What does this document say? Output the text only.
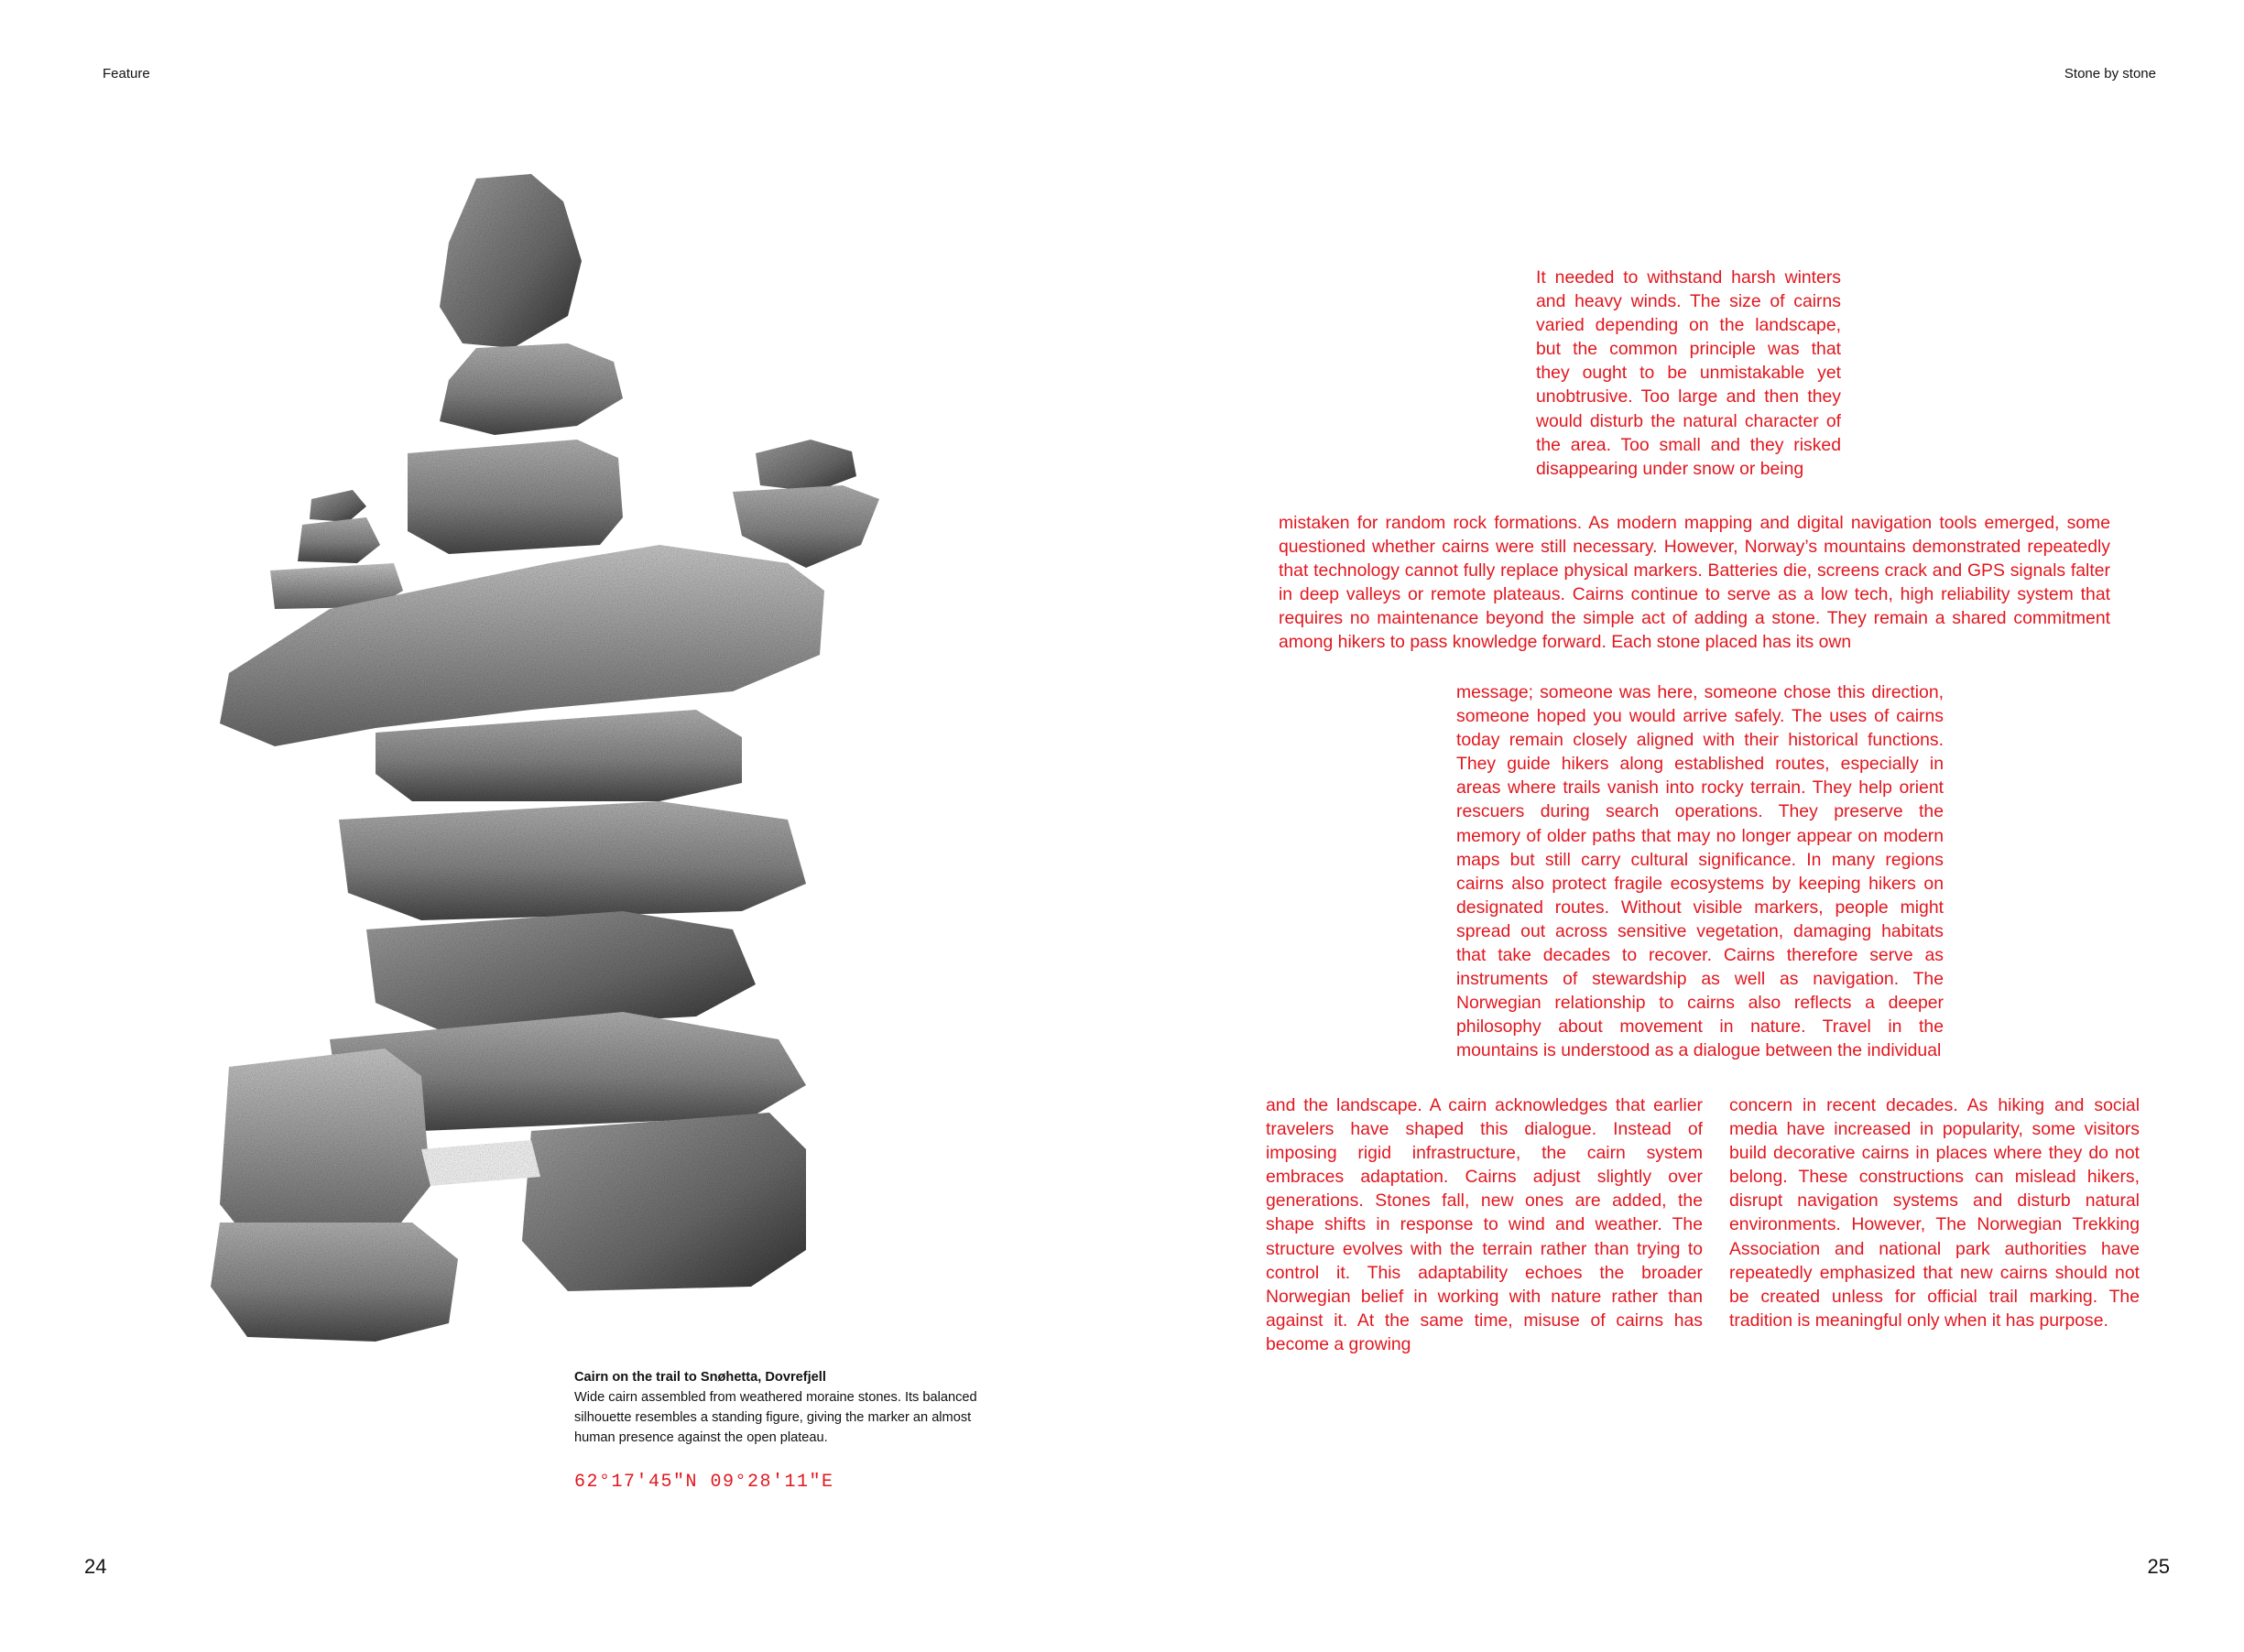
Feature
Cairn on the trail to Snøhetta, Dovrefjell
Wide cairn assembled from weathered moraine stones. Its balanced silhouette resembles a standing figure, giving the marker an almost human presence against the open plateau.
62°17′45″N 09°28′11″E
24
Stone by stone
25
It needed to withstand harsh winters and heavy winds. The size of cairns varied depending on the landscape, but the common principle was that they ought to be unmistakable yet unobtrusive. Too large and then they would disturb the natural character of the area. Too small and they risked disappearing under snow or being
mistaken for random rock formations. As modern mapping and digital navigation tools emerged, some questioned whether cairns were still necessary. However, Norway’s mountains demonstrated repeatedly that technology cannot fully replace physical markers. Batteries die, screens crack and GPS signals falter in deep valleys or remote plateaus. Cairns continue to serve as a low tech, high reliability system that requires no maintenance beyond the simple act of adding a stone. They remain a shared commitment among hikers to pass knowledge forward. Each stone placed has its own
message; someone was here, someone chose this direction, someone hoped you would arrive safely. The uses of cairns today remain closely aligned with their historical functions. They guide hikers along established routes, especially in areas where trails vanish into rocky terrain. They help orient rescuers during search operations. They preserve the memory of older paths that may no longer appear on modern maps but still carry cultural significance. In many regions cairns also protect fragile ecosystems by keeping hikers on designated routes. Without visible markers, people might spread out across sensitive vegetation, damaging habitats that take decades to recover. Cairns therefore serve as instruments of stewardship as well as navigation. The Norwegian relationship to cairns also reflects a deeper philosophy about movement in nature. Travel in the mountains is understood as a dialogue between the individual
and the landscape. A cairn acknowledges that earlier travelers have shaped this dialogue. Instead of imposing rigid infrastructure, the cairn system embraces adaptation. Cairns adjust slightly over generations. Stones fall, new ones are added, the shape shifts in response to wind and weather. The structure evolves with the terrain rather than trying to control it. This adaptability echoes the broader Norwegian belief in working with nature rather than against it. At the same time, misuse of cairns has become a growing
concern in recent decades. As hiking and social media have increased in popularity, some visitors build decorative cairns in places where they do not belong. These constructions can mislead hikers, disrupt navigation systems and disturb natural environments. However, The Norwegian Trekking Association and national park authorities have repeatedly emphasized that new cairns should not be created unless for official trail marking. The tradition is meaningful only when it has purpose.
